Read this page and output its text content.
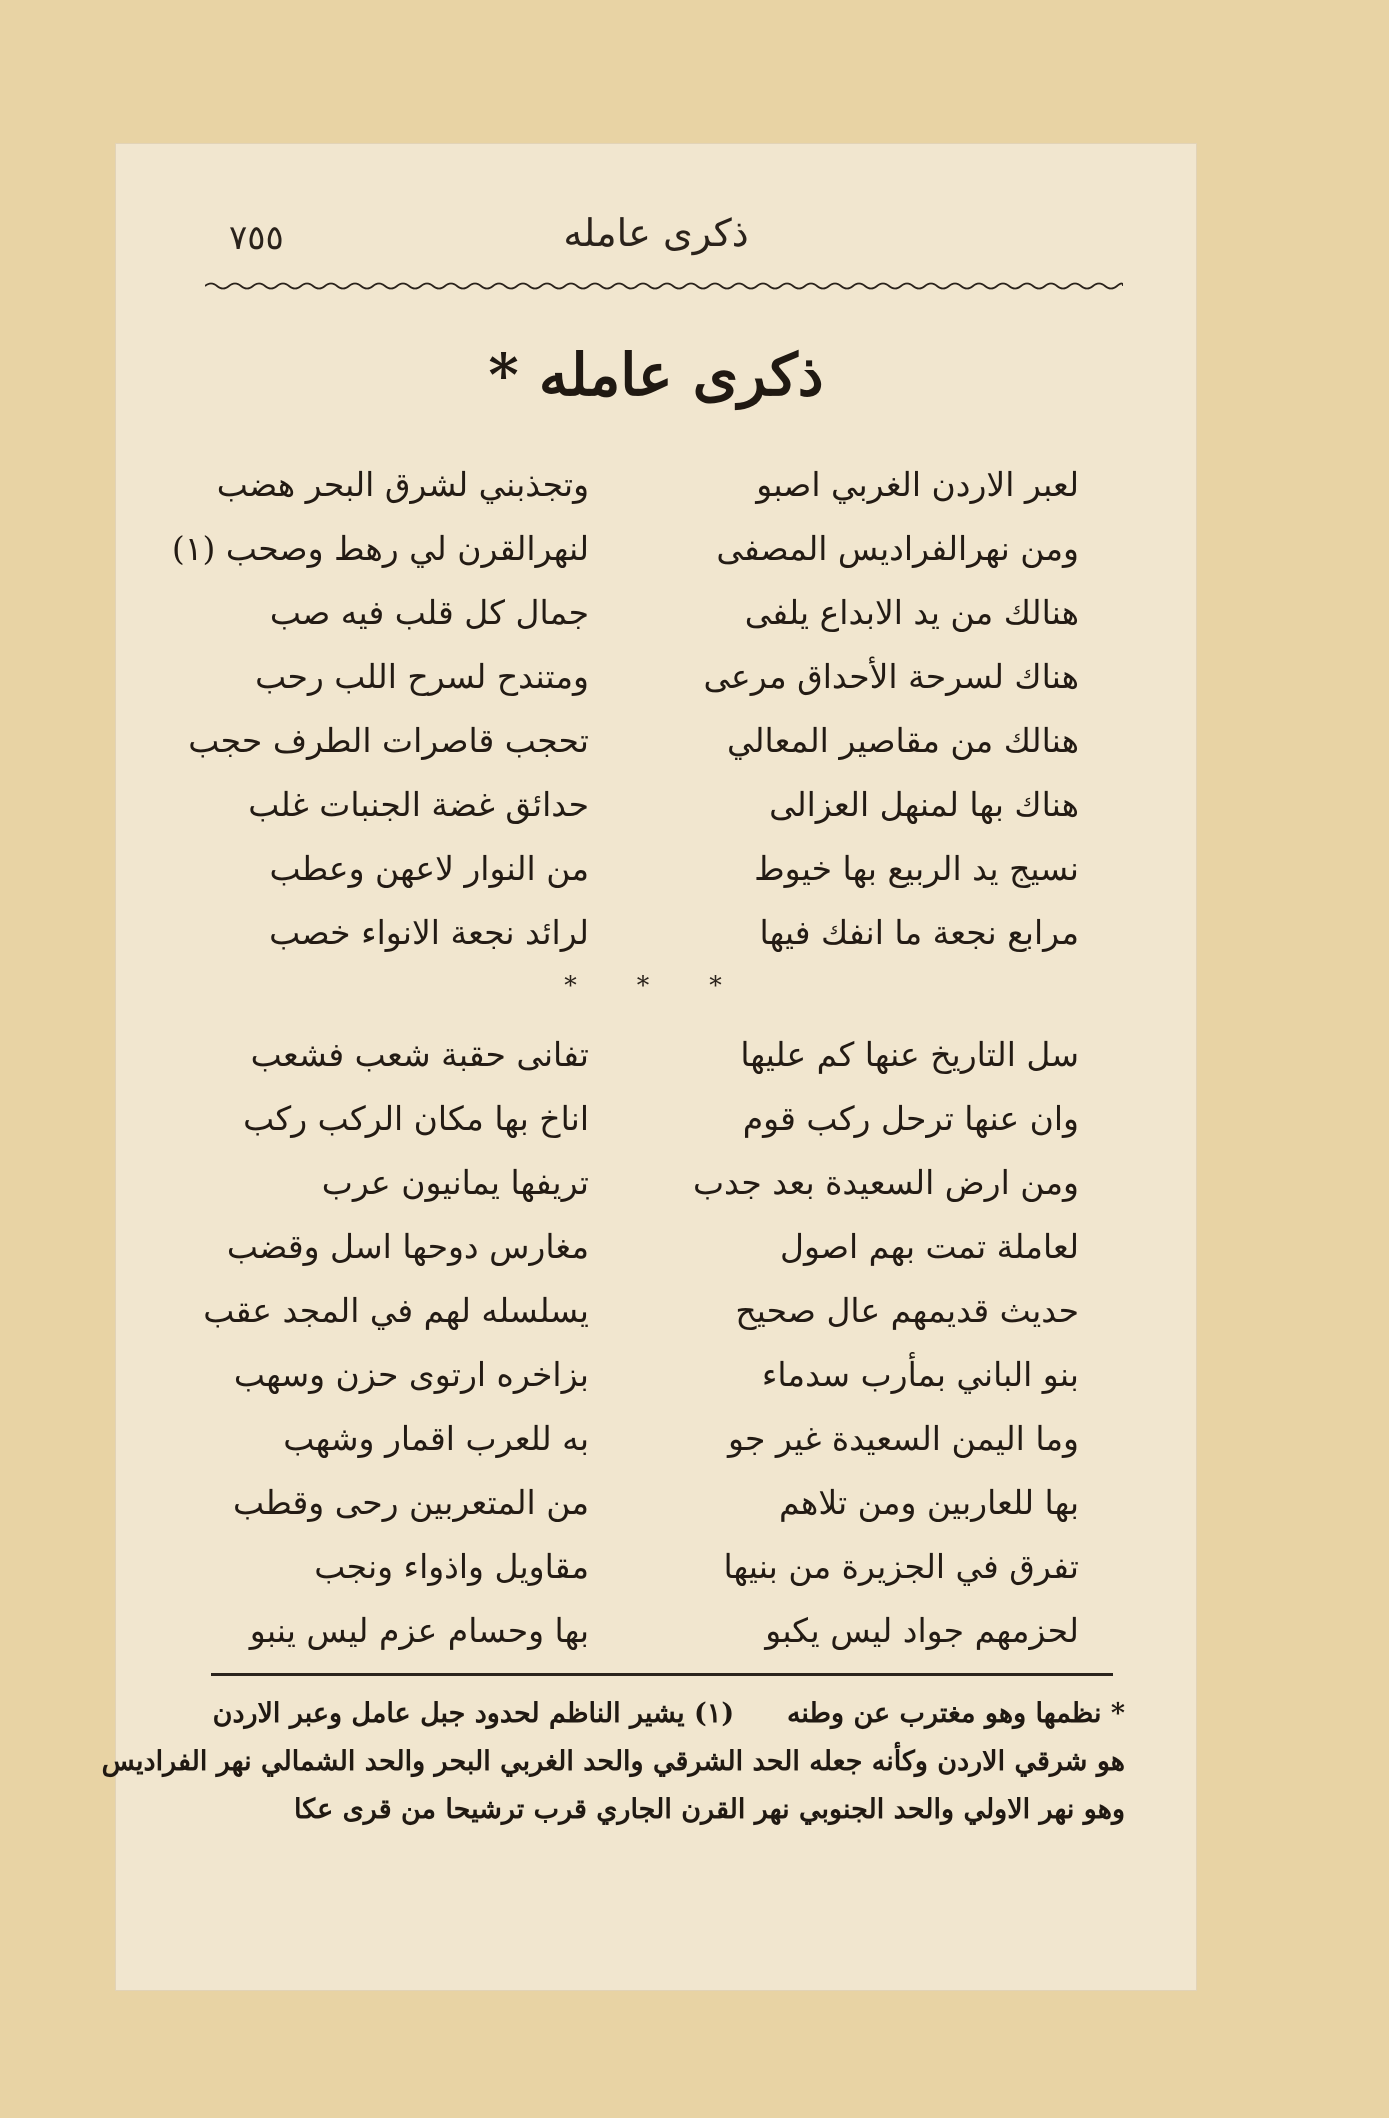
٧٥٥	ذكرى عامله
ذكرى عامله *
لعبر الاردن الغربي اصبو
وتجذبني لشرق البحر هضب
ومن نهرالفراديس المصفى
لنهرالقرن لي رهط وصحب (١)
هنالك من يد الابداع يلفى
جمال كل قلب فيه صب
هناك لسرحة الأحداق مرعى
ومتندح لسرح اللب رحب
هنالك من مقاصير المعالي
تحجب قاصرات الطرف حجب
هناك بها لمنهل العزالى
حدائق غضة الجنبات غلب
نسيج يد الربيع بها خيوط
من النوار لاعهن وعطب
مرابع نجعة ما انفك فيها
لرائد نجعة الانواء خصب
* * *
سل التاريخ عنها كم عليها
تفانى حقبة شعب فشعب
وان عنها ترحل ركب قوم
اناخ بها مكان الركب ركب
ومن ارض السعيدة بعد جدب
تريفها يمانيون عرب
لعاملة تمت بهم اصول
مغارس دوحها اسل وقضب
حديث قديمهم عال صحيح
يسلسله لهم في المجد عقب
بنو الباني بمأرب سدماء
بزاخره ارتوى حزن وسهب
وما اليمن السعيدة غير جو
به للعرب اقمار وشهب
بها للعاربين ومن تلاهم
من المتعربين رحى وقطب
تفرق في الجزيرة من بنيها
مقاويل واذواء ونجب
لحزمهم جواد ليس يكبو
بها وحسام عزم ليس ينبو
* نظمها وهو مغترب عن وطنه  (١) يشير الناظم لحدود جبل عامل وعبر الاردن
هو شرقي الاردن وكأنه جعله الحد الشرقي والحد الغربي البحر والحد الشمالي نهر الفراديس
وهو نهر الاولي والحد الجنوبي نهر القرن الجاري قرب ترشيحا من قرى عكا
